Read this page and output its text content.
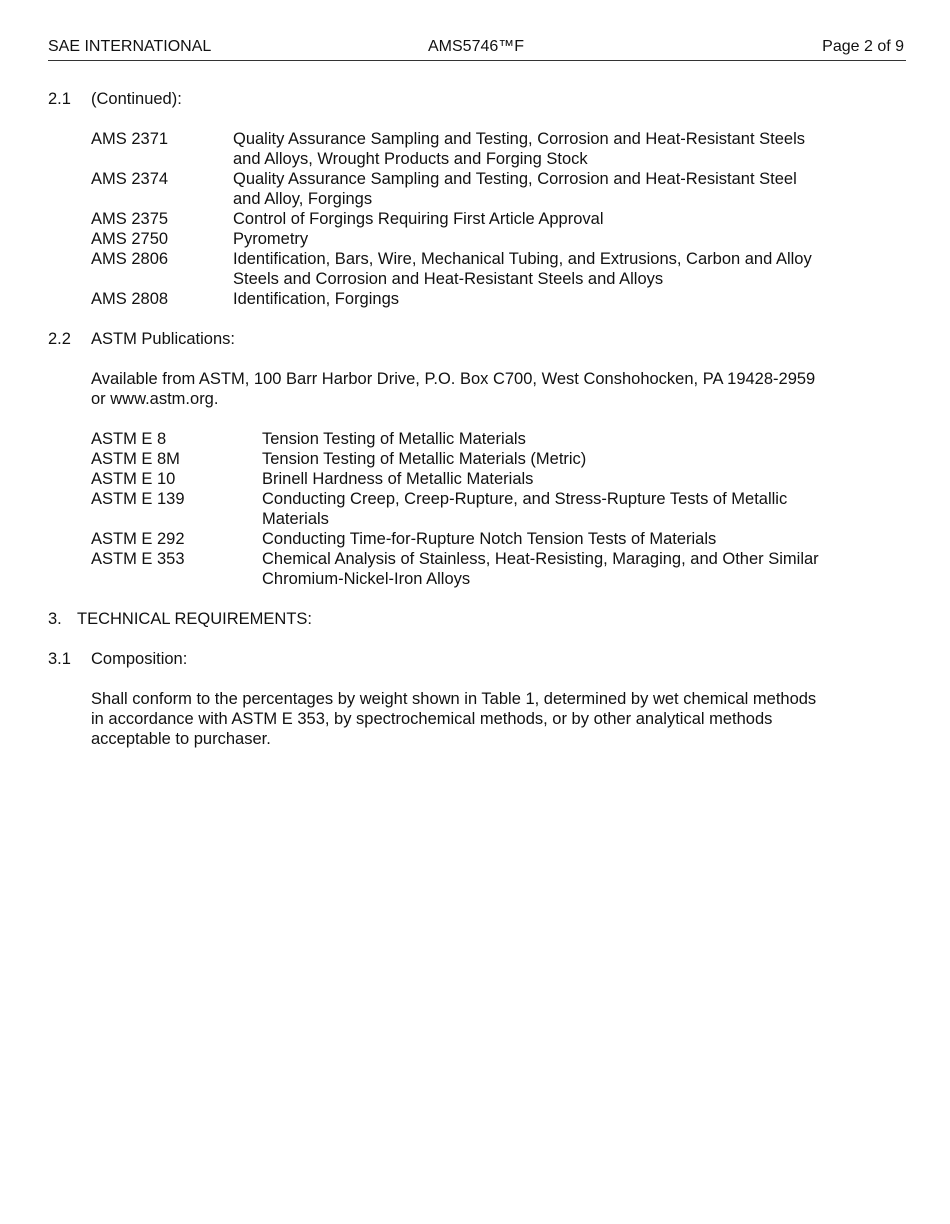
SAE INTERNATIONAL	AMS5746™F	Page 2 of 9
2.1	(Continued):
AMS 2371	Quality Assurance Sampling and Testing, Corrosion and Heat-Resistant Steels and Alloys, Wrought Products and Forging Stock
AMS 2374	Quality Assurance Sampling and Testing, Corrosion and Heat-Resistant Steel and Alloy, Forgings
AMS 2375	Control of Forgings Requiring First Article Approval
AMS 2750	Pyrometry
AMS 2806	Identification, Bars, Wire, Mechanical Tubing, and Extrusions, Carbon and Alloy Steels and Corrosion and Heat-Resistant Steels and Alloys
AMS 2808	Identification, Forgings
2.2	ASTM Publications:
Available from ASTM, 100 Barr Harbor Drive, P.O. Box C700, West Conshohocken, PA 19428-2959 or www.astm.org.
ASTM E 8	Tension Testing of Metallic Materials
ASTM E 8M	Tension Testing of Metallic Materials (Metric)
ASTM E 10	Brinell Hardness of Metallic Materials
ASTM E 139	Conducting Creep, Creep-Rupture, and Stress-Rupture Tests of Metallic Materials
ASTM E 292	Conducting Time-for-Rupture Notch Tension Tests of Materials
ASTM E 353	Chemical Analysis of Stainless, Heat-Resisting, Maraging, and Other Similar Chromium-Nickel-Iron Alloys
3. TECHNICAL REQUIREMENTS:
3.1	Composition:
Shall conform to the percentages by weight shown in Table 1, determined by wet chemical methods in accordance with ASTM E 353, by spectrochemical methods, or by other analytical methods acceptable to purchaser.
